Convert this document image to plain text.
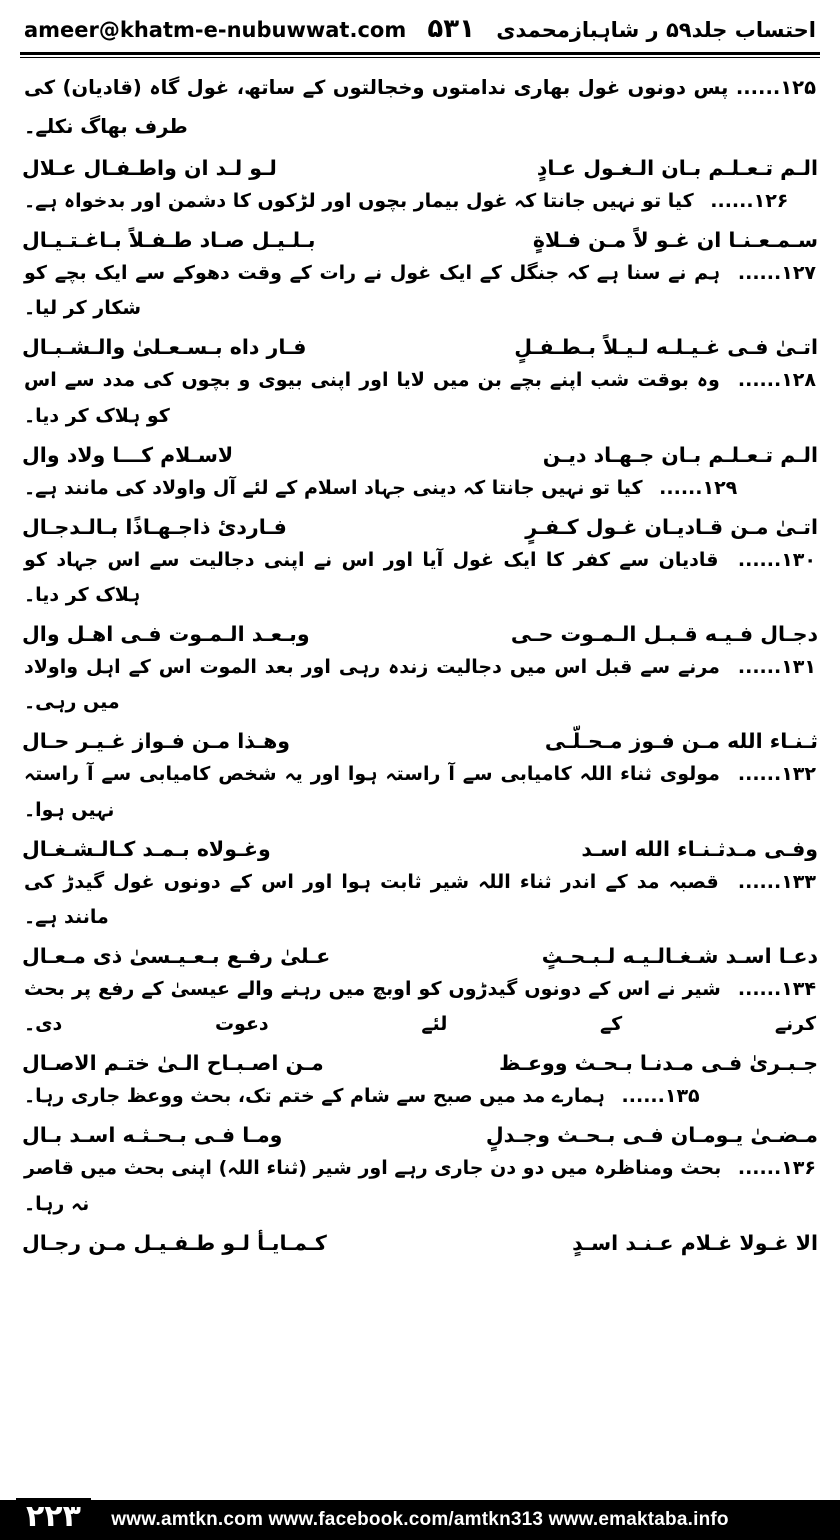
احتساب جلد۵۹ ر شاہبازمحمدی
۵۳۱
ameer@khatm-e-nubuwwat.com
۱۲۵...... پس دونوں غول بھاری ندامتوں وخجالتوں کے ساتھ، غول گاہ (قادیان) کی طرف بھاگ نکلے۔
الـم تـعـلـم بـان الـغـول عـادٍ
لـو لـد ان واطـفـال عـلال
۱۲۶...... کیا تو نہیں جانتا کہ غول بیمار بچوں اور لڑکوں کا دشمن اور بدخواہ ہے۔
سـمـعـنـا ان غـو لاً مـن فـلاةٍ
بـلـيـل صـاد طـفـلاً بـاغـتـيـال
۱۲۷...... ہم نے سنا ہے کہ جنگل کے ایک غول نے رات کے وقت دھوکے سے ایک بچے کو شکار کر لیا۔
اتـىٰ فـى غـيـلـه لـيـلاً بـطـفـلٍ
فـار داه بـسـعـلىٰ والـشـبـال
۱۲۸...... وہ بوقت شب اپنے بچے بن میں لایا اور اپنی بیوی و بچوں کی مدد سے اس کو ہلاک کر دیا۔
الـم تـعـلـم بـان جـهـاد ديـن
لاسـلام كـــا ولاد وال
۱۲۹...... کیا تو نہیں جانتا کہ دینی جہاد اسلام کے لئے آل واولاد کی مانند ہے۔
اتـىٰ مـن قـاديـان غـول كـفـرٍ
فـاردىٔ ذاجـهـاذًا بـالـدجـال
۱۳۰...... قادیان سے کفر کا ایک غول آیا اور اس نے اپنی دجالیت سے اس جہاد کو ہلاک کر دیا۔
دجـال فـيـه قـبـل الـمـوت حـى
وبـعـد الـمـوت فـى اهـل وال
۱۳۱...... مرنے سے قبل اس میں دجالیت زندہ رہی اور بعد الموت اس کے اہل واولاد میں رہی۔
ثـنـاء الله مـن فـوز مـحـلّـى
وهـذا مـن فـواز غـيـر حـال
۱۳۲...... مولوی ثناء اللہ کامیابی سے آ راستہ ہوا اور یہ شخص کامیابی سے آ راستہ نہیں ہوا۔
وفـى مـدثـنـاء الله اسـد
وغـولاه بـمـد كـالـشـغـال
۱۳۳...... قصبہ مد کے اندر ثناء اللہ شیر ثابت ہوا اور اس کے دونوں غول گیدڑ کی مانند ہے۔
دعـا اسـد شـغـالـيـه لـبـحـثٍ
عـلىٰ رفـع بـعـيـسىٰ ذى مـعـال
۱۳۴...... شیر نے اس کے دونوں گیدڑوں کو اوبچ میں رہنے والے عیسیٰ کے رفع پر بحث کرنے کے لئے دعوت دی۔
جـبـرىٰ فـى مـدنـا بـحـث ووعـظ
مـن اصـبـاح الـىٰ ختـم الاصـال
۱۳۵...... ہمارے مد میں صبح سے شام کے ختم تک، بحث ووعظ جاری رہا۔
مـضـىٰ يـومـان فـى بـحـث وجـدلٍ
ومـا فـى بـحـثـه اسـد بـال
۱۳۶...... بحث ومناظرہ میں دو دن جاری رہے اور شیر (ثناء اللہ) اپنی بحث میں قاصر نہ رہا۔
الا غـولا غـلام عـنـد اسـدٍ
كـمـايـأ لـو طـفـيـل مـن رجـال
www.amtkn.com www.facebook.com/amtkn313 www.emaktaba.info
۲۲۳
